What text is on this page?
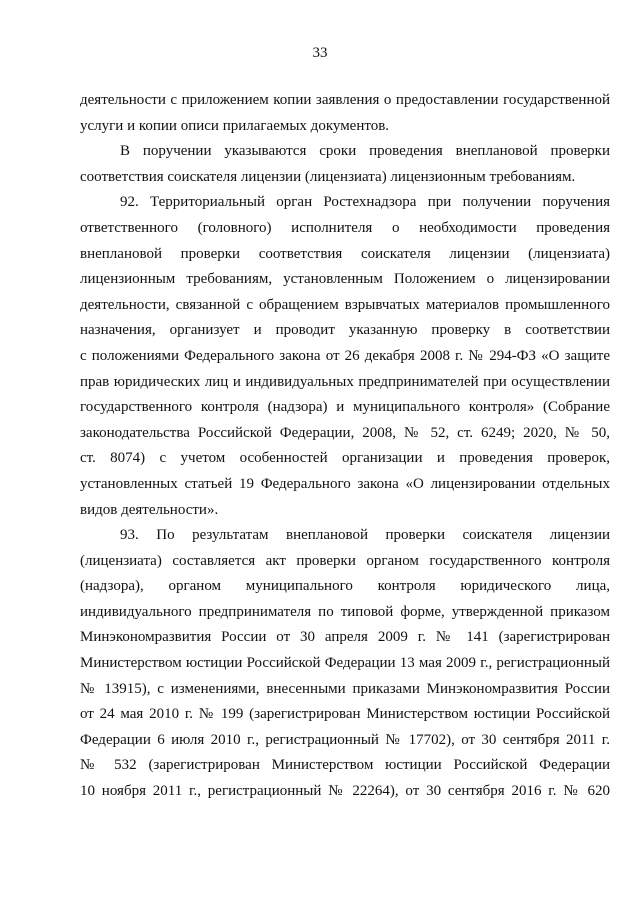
33
деятельности с приложением копии заявления о предоставлении государственной
услуги и копии описи прилагаемых документов.
В поручении указываются сроки проведения внеплановой проверки
соответствия соискателя лицензии (лицензиата) лицензионным требованиям.
92. Территориальный орган Ростехнадзора при получении поручения
ответственного (головного) исполнителя о необходимости проведения
внеплановой проверки соответствия соискателя лицензии (лицензиата)
лицензионным требованиям, установленным Положением о лицензировании
деятельности, связанной с обращением взрывчатых материалов промышленного
назначения, организует и проводит указанную проверку в соответствии
с положениями Федерального закона от 26 декабря 2008 г. № 294-ФЗ «О защите
прав юридических лиц и индивидуальных предпринимателей при осуществлении
государственного контроля (надзора) и муниципального контроля» (Собрание
законодательства Российской Федерации, 2008, № 52, ст. 6249; 2020, № 50,
ст. 8074) с учетом особенностей организации и проведения проверок,
установленных статьей 19 Федерального закона «О лицензировании отдельных
видов деятельности».
93. По результатам внеплановой проверки соискателя лицензии
(лицензиата) составляется акт проверки органом государственного контроля
(надзора), органом муниципального контроля юридического лица,
индивидуального предпринимателя по типовой форме, утвержденной приказом
Минэкономразвития России от 30 апреля 2009 г. № 141 (зарегистрирован
Министерством юстиции Российской Федерации 13 мая 2009 г., регистрационный
№ 13915), с изменениями, внесенными приказами Минэкономразвития России
от 24 мая 2010 г. № 199 (зарегистрирован Министерством юстиции Российской
Федерации 6 июля 2010 г., регистрационный № 17702), от 30 сентября 2011 г.
№ 532 (зарегистрирован Министерством юстиции Российской Федерации
10 ноября 2011 г., регистрационный № 22264), от 30 сентября 2016 г. № 620
